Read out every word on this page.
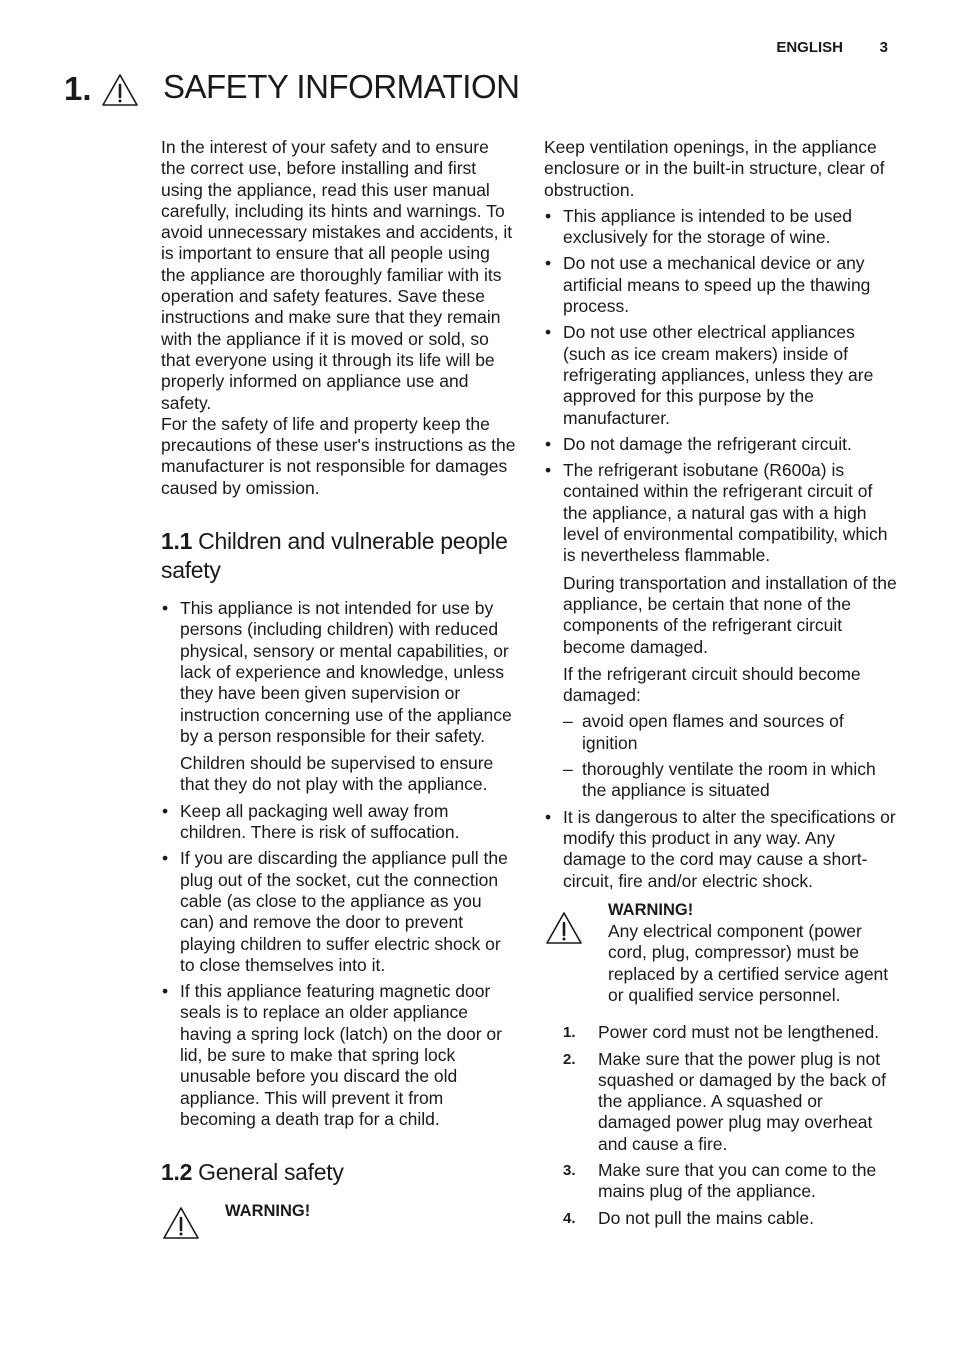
ENGLISH 3
1. SAFETY INFORMATION

In the interest of your safety and to ensure the correct use, before installing and first using the appliance, read this user manual carefully, including its hints and warnings. To avoid unnecessary mistakes and accidents, it is important to ensure that all people using the appliance are thoroughly familiar with its operation and safety features. Save these instructions and make sure that they remain with the appliance if it is moved or sold, so that everyone using it through its life will be properly informed on appliance use and safety.

For the safety of life and property keep the precautions of these user's instructions as the manufacturer is not responsible for damages caused by omission.

1.1 Children and vulnerable people safety
• This appliance is not intended for use by persons (including children) with reduced physical, sensory or mental capabilities, or lack of experience and knowledge, unless they have been given supervision or instruction concerning use of the appliance by a person responsible for their safety.

Children should be supervised to ensure that they do not play with the appliance.

• Keep all packaging well away from children. There is risk of suffocation.

• If you are discarding the appliance pull the plug out of the socket, cut the connection cable (as close to the appliance as you can) and remove the door to prevent playing children to suffer electric shock or to close themselves into it.

• If this appliance featuring magnetic door seals is to replace an older appliance having a spring lock (latch) on the door or lid, be sure to make that spring lock unusable before you discard the old appliance. This will prevent it from becoming a death trap for a child.

1.2 General safety
WARNING!

Keep ventilation openings, in the appliance enclosure or in the built-in structure, clear of obstruction.

• This appliance is intended to be used exclusively for the storage of wine.

• Do not use a mechanical device or any artificial means to speed up the thawing process.

• Do not use other electrical appliances (such as ice cream makers) inside of refrigerating appliances, unless they are approved for this purpose by the manufacturer.

• Do not damage the refrigerant circuit.

• The refrigerant isobutane (R600a) is contained within the refrigerant circuit of the appliance, a natural gas with a high level of environmental compatibility, which is nevertheless flammable.

During transportation and installation of the appliance, be certain that none of the components of the refrigerant circuit become damaged.

If the refrigerant circuit should become damaged:

– avoid open flames and sources of ignition

– thoroughly ventilate the room in which the appliance is situated

• It is dangerous to alter the specifications or modify this product in any way. Any damage to the cord may cause a short-circuit, fire and/or electric shock.

WARNING!

Any electrical component (power cord, plug, compressor) must be replaced by a certified service agent or qualified service personnel.

1. Power cord must not be lengthened.

2. Make sure that the power plug is not squashed or damaged by the back of the appliance. A squashed or damaged power plug may overheat and cause a fire.

3. Make sure that you can come to the mains plug of the appliance.

4. Do not pull the mains cable.
